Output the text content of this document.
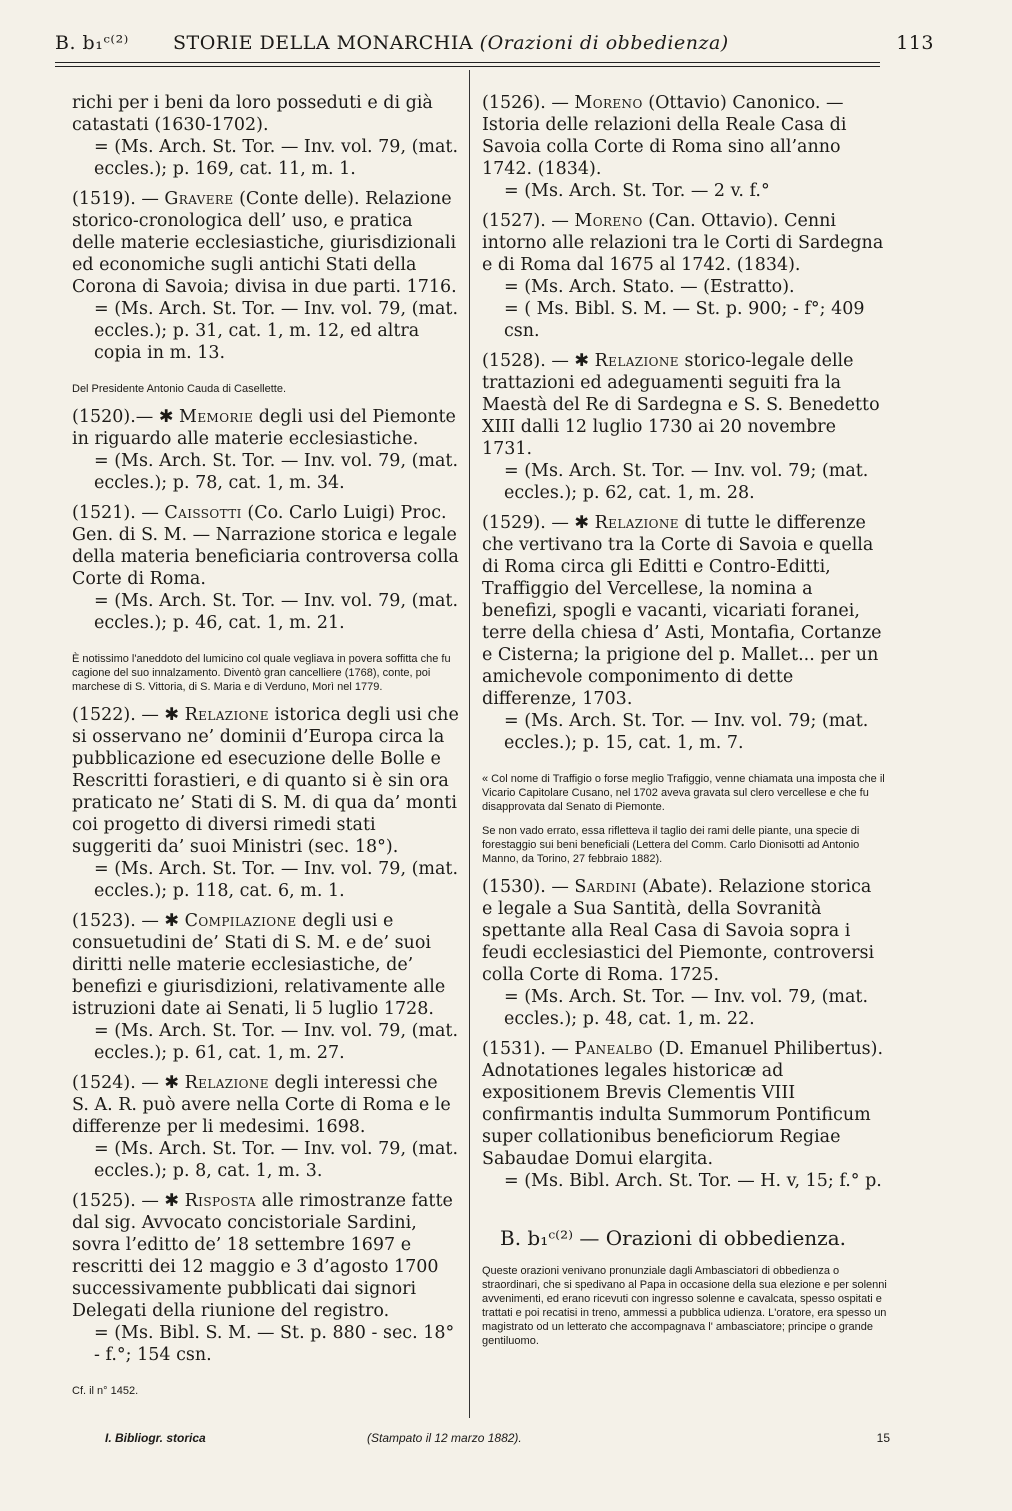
B. b₁ᶜ⁽²⁾ STORIE DELLA MONARCHIA (Orazioni di obbedienza)	113
richi per i beni da loro posseduti e di già catastati (1630-1702).
= (Ms. Arch. St. Tor. — Inv. vol. 79, (mat. eccles.); p. 169, cat. 11, m. 1.
(1519). — Gravere (Conte delle). Relazione storico-cronologica dell’ uso, e pratica delle materie ecclesiastiche, giurisdizionali ed economiche sugli antichi Stati della Corona di Savoia; divisa in due parti. 1716.
= (Ms. Arch. St. Tor. — Inv. vol. 79, (mat. eccles.); p. 31, cat. 1, m. 12, ed altra copia in m. 13.
Del Presidente Antonio Cauda di Casellette.
(1520).— ✱ Memorie degli usi del Piemonte in riguardo alle materie ecclesiastiche.
= (Ms. Arch. St. Tor. — Inv. vol. 79, (mat. eccles.); p. 78, cat. 1, m. 34.
(1521). — Caissotti (Co. Carlo Luigi) Proc. Gen. di S. M. — Narrazione storica e legale della materia beneficiaria controversa colla Corte di Roma.
= (Ms. Arch. St. Tor. — Inv. vol. 79, (mat. eccles.); p. 46, cat. 1, m. 21.
È notissimo l'aneddoto del lumicino col quale vegliava in povera soffitta che fu cagione del suo innalzamento. Diventò gran cancelliere (1768), conte, poi marchese di S. Vittoria, di S. Maria e di Verduno, Morì nel 1779.
(1522). — ✱ Relazione istorica degli usi che si osservano ne’ dominii d’Europa circa la pubblicazione ed esecuzione delle Bolle e Rescritti forastieri, e di quanto si è sin ora praticato ne’ Stati di S. M. di qua da’ monti coi progetto di diversi rimedi stati suggeriti da’ suoi Ministri (sec. 18°).
= (Ms. Arch. St. Tor. — Inv. vol. 79, (mat. eccles.); p. 118, cat. 6, m. 1.
(1523). — ✱ Compilazione degli usi e consuetudini de’ Stati di S. M. e de’ suoi diritti nelle materie ecclesiastiche, de’ benefizi e giurisdizioni, relativamente alle istruzioni date ai Senati, li 5 luglio 1728.
= (Ms. Arch. St. Tor. — Inv. vol. 79, (mat. eccles.); p. 61, cat. 1, m. 27.
(1524). — ✱ Relazione degli interessi che S. A. R. può avere nella Corte di Roma e le differenze per li medesimi. 1698.
= (Ms. Arch. St. Tor. — Inv. vol. 79, (mat. eccles.); p. 8, cat. 1, m. 3.
(1525). — ✱ Risposta alle rimostranze fatte dal sig. Avvocato concistoriale Sardini, sovra l’editto de’ 18 settembre 1697 e rescritti dei 12 maggio e 3 d’agosto 1700 successivamente pubblicati dai signori Delegati della riunione del registro.
= (Ms. Bibl. S. M. — St. p. 880 - sec. 18° - f.°; 154 csn.
Cf. il n° 1452.
(1526). — Moreno (Ottavio) Canonico. — Istoria delle relazioni della Reale Casa di Savoia colla Corte di Roma sino all’anno 1742. (1834).
= (Ms. Arch. St. Tor. — 2 v. f.°
(1527). — Moreno (Can. Ottavio). Cenni intorno alle relazioni tra le Corti di Sardegna e di Roma dal 1675 al 1742. (1834).
= (Ms. Arch. Stato. — (Estratto).
= ( Ms. Bibl. S. M. — St. p. 900; - f°; 409 csn.
(1528). — ✱ Relazione storico-legale delle trattazioni ed adeguamenti seguiti fra la Maestà del Re di Sardegna e S. S. Benedetto XIII dalli 12 luglio 1730 ai 20 novembre 1731.
= (Ms. Arch. St. Tor. — Inv. vol. 79; (mat. eccles.); p. 62, cat. 1, m. 28.
(1529). — ✱ Relazione di tutte le differenze che vertivano tra la Corte di Savoia e quella di Roma circa gli Editti e Contro-Editti, Traffiggio del Vercellese, la nomina a benefizi, spogli e vacanti, vicariati foranei, terre della chiesa d’ Asti, Montafia, Cortanze e Cisterna; la prigione del p. Mallet... per un amichevole componimento di dette differenze, 1703.
= (Ms. Arch. St. Tor. — Inv. vol. 79; (mat. eccles.); p. 15, cat. 1, m. 7.
« Col nome di Traffigio o forse meglio Trafiggio, venne chiamata una imposta che il Vicario Capitolare Cusano, nel 1702 aveva gravata sul clero vercellese e che fu disapprovata dal Senato di Piemonte.
Se non vado errato, essa rifletteva il taglio dei rami delle piante, una specie di forestaggio sui beni beneficiali (Lettera del Comm. Carlo Dionisotti ad Antonio Manno, da Torino, 27 febbraio 1882).
(1530). — Sardini (Abate). Relazione storica e legale a Sua Santità, della Sovranità spettante alla Real Casa di Savoia sopra i feudi ecclesiastici del Piemonte, controversi colla Corte di Roma. 1725.
= (Ms. Arch. St. Tor. — Inv. vol. 79, (mat. eccles.); p. 48, cat. 1, m. 22.
(1531). — Panealbo (D. Emanuel Philibertus). Adnotationes legales historicæ ad expositionem Brevis Clementis VIII confirmantis indulta Summorum Pontificum super collationibus beneficiorum Regiae Sabaudae Domui elargita.
= (Ms. Bibl. Arch. St. Tor. — H. v, 15; f.° p.
B. b₁ᶜ⁽²⁾ — Orazioni di obbedienza.
Queste orazioni venivano pronunziale dagli Ambasciatori di obbedienza o straordinari, che si spedivano al Papa in occasione della sua elezione e per solenni avvenimenti, ed erano ricevuti con ingresso solenne e cavalcata, spesso ospitati e trattati e poi recatisi in treno, ammessi a pubblica udienza. L'oratore, era spesso un magistrato od un letterato che accompagnava l' ambasciatore; principe o grande gentiluomo.
I. Bibliogr. storica	(Stampato il 12 marzo 1882).	15
